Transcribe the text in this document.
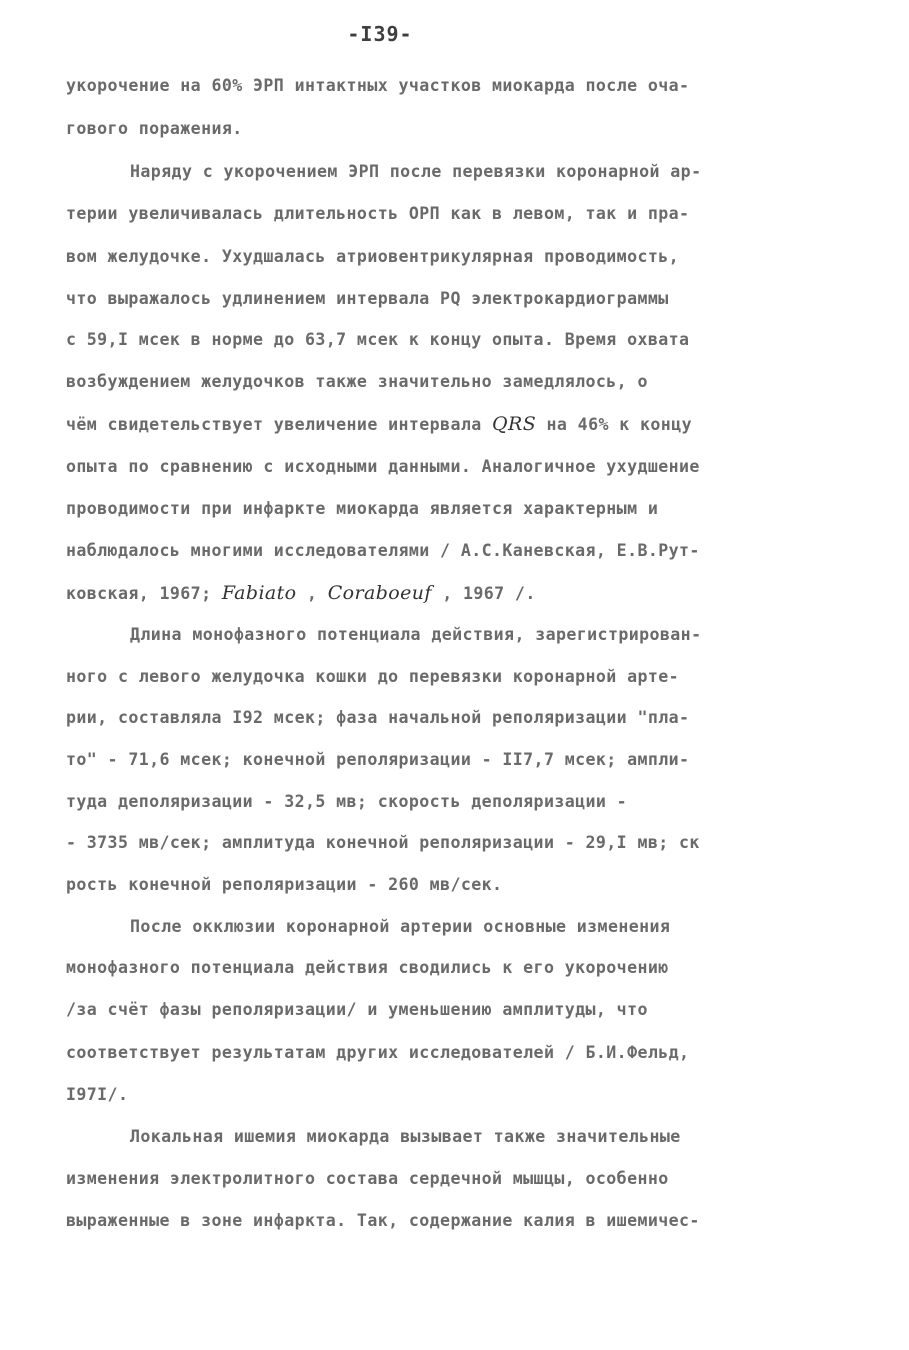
-I39-
укорочение на 60% ЭРП интактных участков миокарда после оча-
гового поражения.
Наряду с укорочением ЭРП после перевязки коронарной ар-
терии увеличивалась длительность ОРП как в левом, так и пра-
вом желудочке. Ухудшалась атриовентрикулярная проводимость,
что выражалось удлинением интервала PQ электрокардиограммы
с 59,I мсек в норме до 63,7 мсек к концу опыта. Время охвата
возбуждением желудочков также значительно замедлялось, о
чём свидетельствует увеличение интервала QRS на 46% к концу
опыта по сравнению с исходными данными. Аналогичное ухудшение
проводимости при инфаркте миокарда является характерным и
наблюдалось многими исследователями / А.С.Каневская, Е.В.Рут-
ковская, 1967; Fabiato , Coraboeuf , 1967 /.
Длина монофазного потенциала действия, зарегистрирован-
ного с левого желудочка кошки до перевязки коронарной арте-
рии, составляла I92 мсек; фаза начальной реполяризации "пла-
то" - 71,6 мсек; конечной реполяризации - II7,7 мсек; ампли-
туда деполяризации - 32,5 мв; скорость деполяризации -
- 3735 мв/сек; амплитуда конечной реполяризации - 29,I мв; ск
рость конечной реполяризации - 260 мв/сек.
После окклюзии коронарной артерии основные изменения
монофазного потенциала действия сводились к его укорочению
/за счёт фазы реполяризации/ и уменьшению амплитуды, что
соответствует результатам других исследователей / Б.И.Фельд,
I97I/.
Локальная ишемия миокарда вызывает также значительные
изменения электролитного состава сердечной мышцы, особенно
выраженные в зоне инфаркта. Так, содержание калия в ишемичес-
